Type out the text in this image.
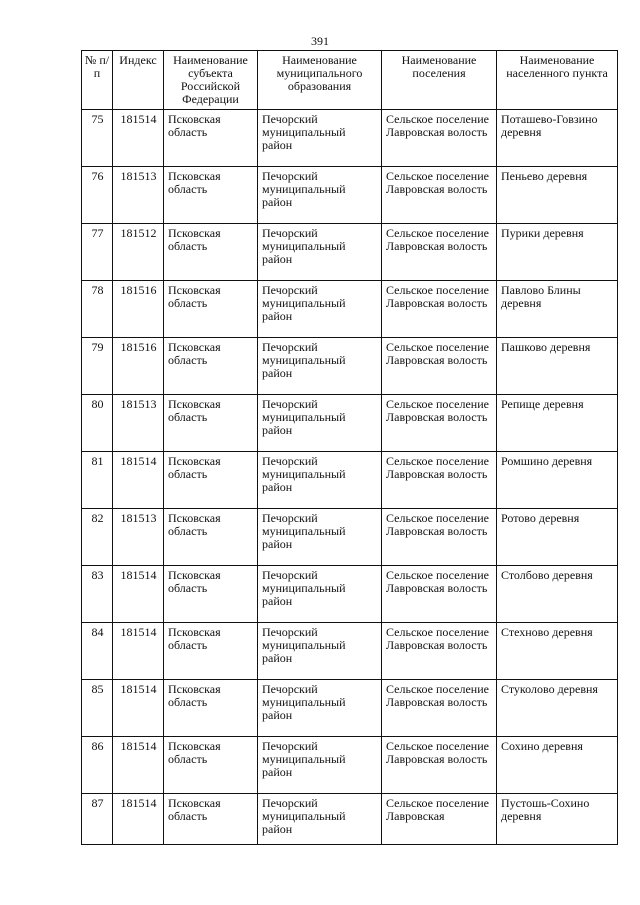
391
№ п/п	Индекс	Наименование субъекта Российской Федерации	Наименование муниципального образования	Наименование поселения	Наименование населенного пункта
75	181514	Псковская область	Печорский муниципальный район	Сельское поселение Лавровская волость	Поташево-Говзино деревня
76	181513	Псковская область	Печорский муниципальный район	Сельское поселение Лавровская волость	Пеньево деревня
77	181512	Псковская область	Печорский муниципальный район	Сельское поселение Лавровская волость	Пурики деревня
78	181516	Псковская область	Печорский муниципальный район	Сельское поселение Лавровская волость	Павлово Блины деревня
79	181516	Псковская область	Печорский муниципальный район	Сельское поселение Лавровская волость	Пашково деревня
80	181513	Псковская область	Печорский муниципальный район	Сельское поселение Лавровская волость	Репище деревня
81	181514	Псковская область	Печорский муниципальный район	Сельское поселение Лавровская волость	Ромшино деревня
82	181513	Псковская область	Печорский муниципальный район	Сельское поселение Лавровская волость	Ротово деревня
83	181514	Псковская область	Печорский муниципальный район	Сельское поселение Лавровская волость	Столбово деревня
84	181514	Псковская область	Печорский муниципальный район	Сельское поселение Лавровская волость	Стехново деревня
85	181514	Псковская область	Печорский муниципальный район	Сельское поселение Лавровская волость	Стуколово деревня
86	181514	Псковская область	Печорский муниципальный район	Сельское поселение Лавровская волость	Сохино деревня
87	181514	Псковская область	Печорский муниципальный район	Сельское поселение Лавровская	Пустошь-Сохино деревня
